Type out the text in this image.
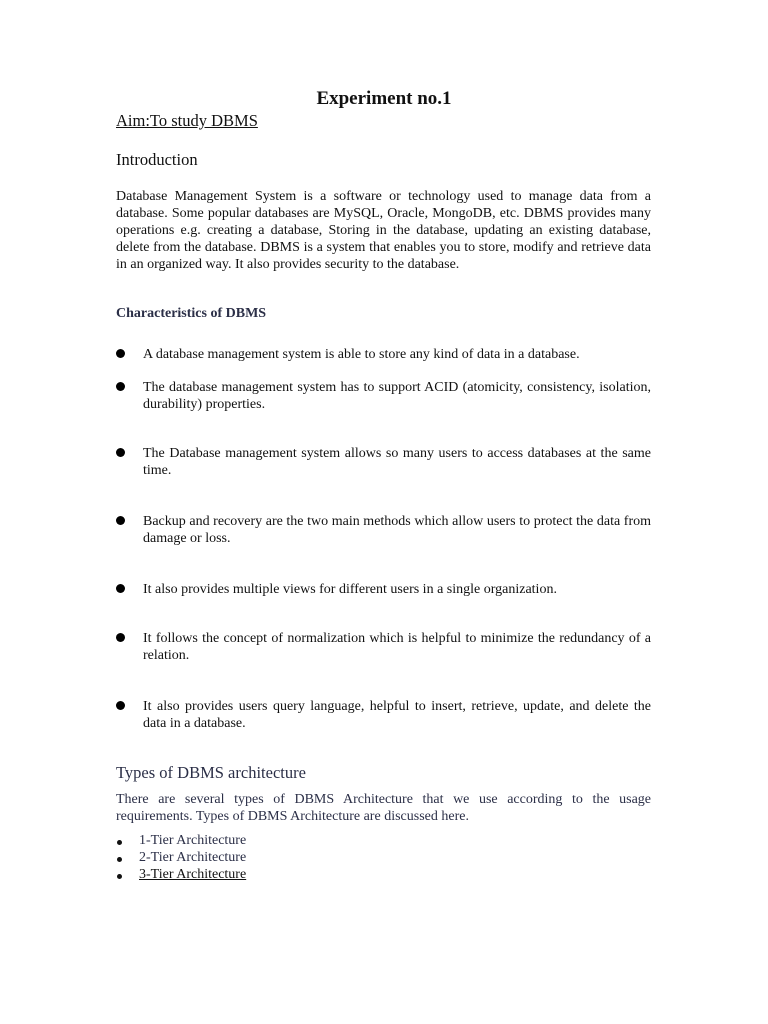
Experiment no.1
Aim:To study DBMS
Introduction

Database Management System is a software or technology used to manage data from a database. Some popular databases are MySQL, Oracle, MongoDB, etc. DBMS provides many operations e.g. creating a database, Storing in the database, updating an existing database, delete from the database. DBMS is a system that enables you to store, modify and retrieve data in an organized way. It also provides security to the database.

Characteristics of DBMS

A database management system is able to store any kind of data in a database.

The database management system has to support ACID (atomicity, consistency, isolation, durability) properties.

The Database management system allows so many users to access databases at the same time.

Backup and recovery are the two main methods which allow users to protect the data from damage or loss.

It also provides multiple views for different users in a single organization.

It follows the concept of normalization which is helpful to minimize the redundancy of a relation.

It also provides users query language, helpful to insert, retrieve, update, and delete the data in a database.

Types of DBMS architecture

There are several types of DBMS Architecture that we use according to the usage requirements. Types of DBMS Architecture are discussed here.

1-Tier Architecture
2-Tier Architecture
3-Tier Architecture
